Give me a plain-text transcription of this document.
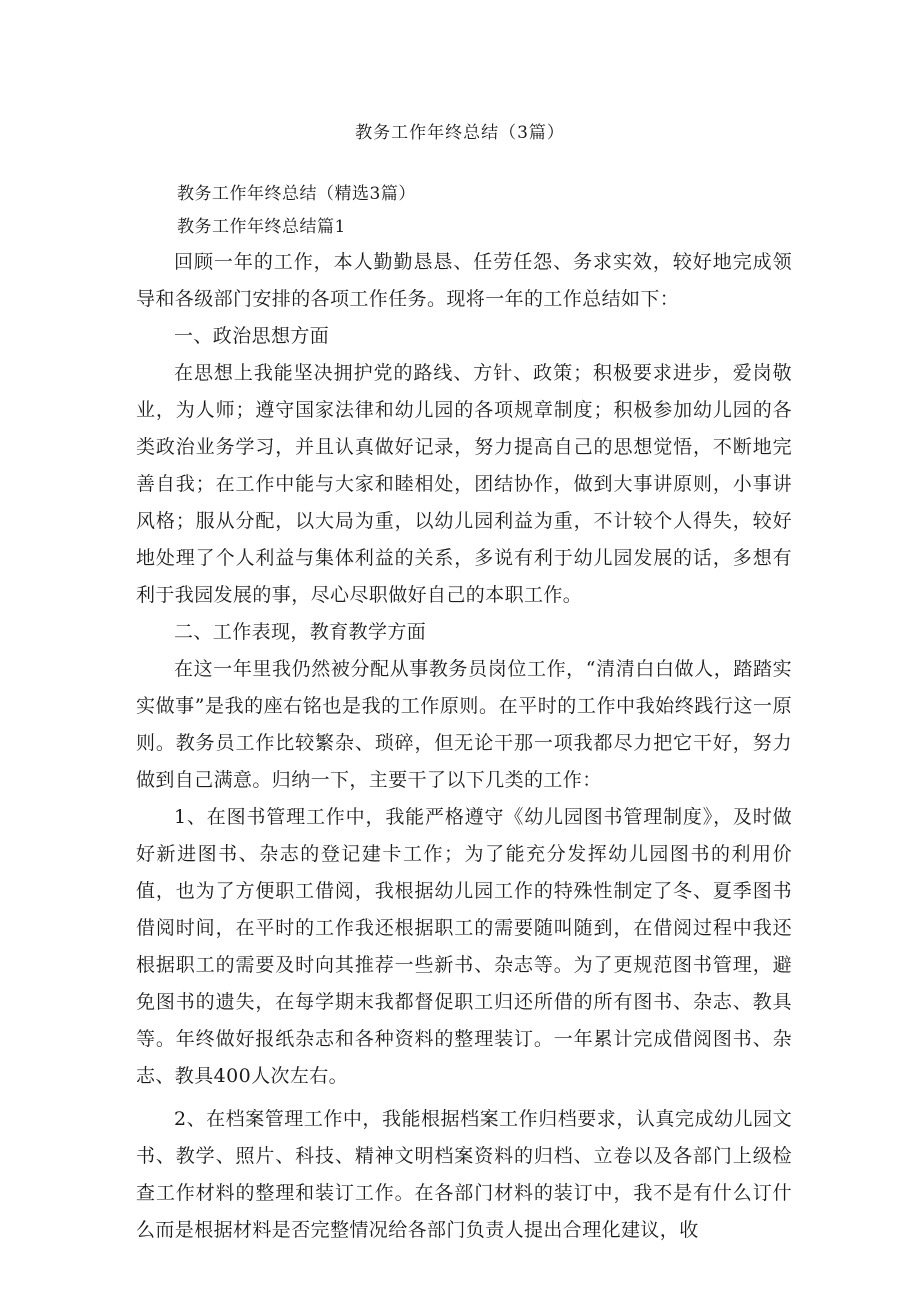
教务工作年终总结（3篇）

教务工作年终总结（精选3篇）

教务工作年终总结篇1

回顾一年的工作，本人勤勤恳恳、任劳任怨、务求实效，较好地完成领导和各级部门安排的各项工作任务。现将一年的工作总结如下：

一、政治思想方面

在思想上我能坚决拥护党的路线、方针、政策；积极要求进步，爱岗敬业，为人师；遵守国家法律和幼儿园的各项规章制度；积极参加幼儿园的各类政治业务学习，并且认真做好记录，努力提高自己的思想觉悟，不断地完善自我；在工作中能与大家和睦相处，团结协作，做到大事讲原则，小事讲风格；服从分配，以大局为重，以幼儿园利益为重，不计较个人得失，较好地处理了个人利益与集体利益的关系，多说有利于幼儿园发展的话，多想有利于我园发展的事，尽心尽职做好自己的本职工作。

二、工作表现，教育教学方面

在这一年里我仍然被分配从事教务员岗位工作，“清清白白做人，踏踏实实做事”是我的座右铭也是我的工作原则。在平时的工作中我始终践行这一原则。教务员工作比较繁杂、琐碎，但无论干那一项我都尽力把它干好，努力做到自己满意。归纳一下，主要干了以下几类的工作：

1、在图书管理工作中，我能严格遵守《幼儿园图书管理制度》，及时做好新进图书、杂志的登记建卡工作；为了能充分发挥幼儿园图书的利用价值，也为了方便职工借阅，我根据幼儿园工作的特殊性制定了冬、夏季图书借阅时间，在平时的工作我还根据职工的需要随叫随到，在借阅过程中我还根据职工的需要及时向其推荐一些新书、杂志等。为了更规范图书管理，避免图书的遗失，在每学期末我都督促职工归还所借的所有图书、杂志、教具等。年终做好报纸杂志和各种资料的整理装订。一年累计完成借阅图书、杂志、教具400人次左右。

2、在档案管理工作中，我能根据档案工作归档要求，认真完成幼儿园文书、教学、照片、科技、精神文明档案资料的归档、立卷以及各部门上级检查工作材料的整理和装订工作。在各部门材料的装订中，我不是有什么订什么而是根据材料是否完整情况给各部门负责人提出合理化建议，收
